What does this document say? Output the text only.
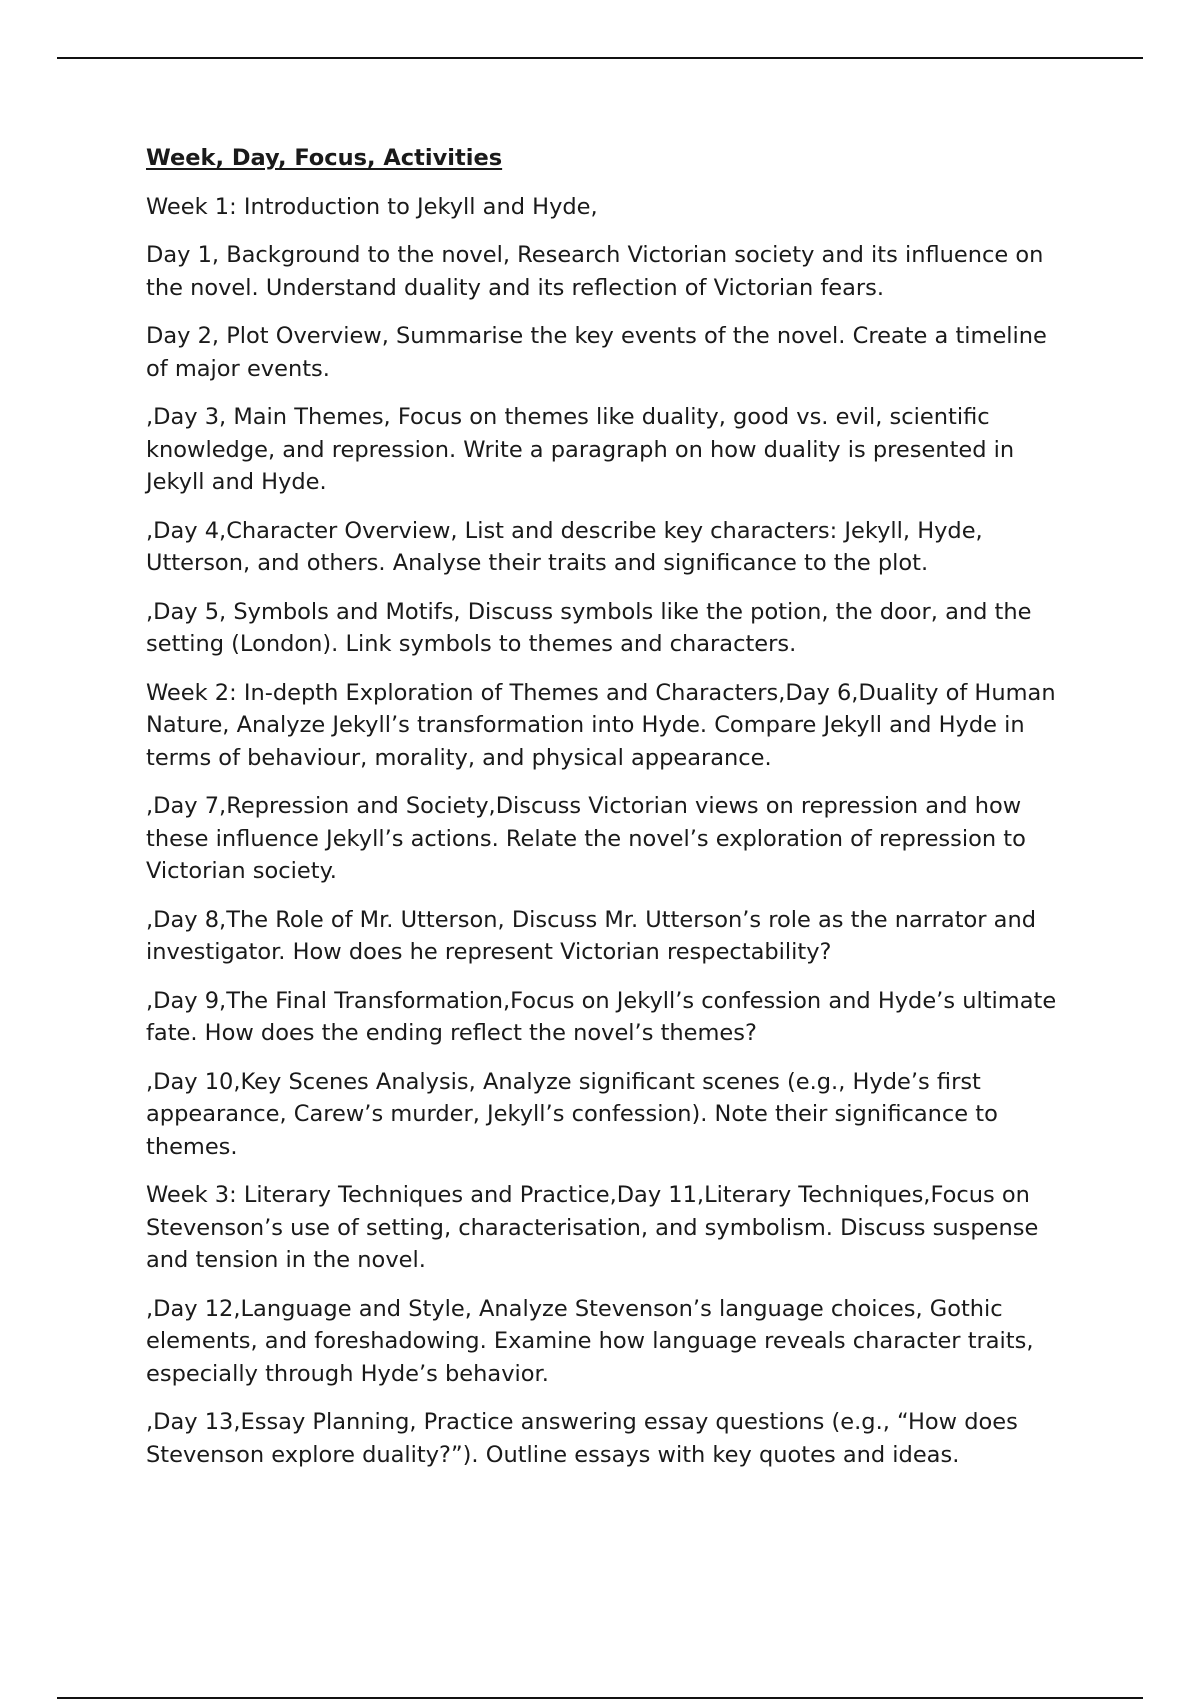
Week, Day, Focus, Activities

Week 1: Introduction to Jekyll and Hyde,

Day 1, Background to the novel, Research Victorian society and its influence on the novel. Understand duality and its reflection of Victorian fears.

Day 2, Plot Overview, Summarise the key events of the novel. Create a timeline of major events.

,Day 3, Main Themes, Focus on themes like duality, good vs. evil, scientific knowledge, and repression. Write a paragraph on how duality is presented in Jekyll and Hyde.

,Day 4,Character Overview, List and describe key characters: Jekyll, Hyde, Utterson, and others. Analyse their traits and significance to the plot.

,Day 5, Symbols and Motifs, Discuss symbols like the potion, the door, and the setting (London). Link symbols to themes and characters.

Week 2: In-depth Exploration of Themes and Characters,Day 6,Duality of Human Nature, Analyze Jekyll’s transformation into Hyde. Compare Jekyll and Hyde in terms of behaviour, morality, and physical appearance.

,Day 7,Repression and Society,Discuss Victorian views on repression and how these influence Jekyll’s actions. Relate the novel’s exploration of repression to Victorian society.

,Day 8,The Role of Mr. Utterson, Discuss Mr. Utterson’s role as the narrator and investigator. How does he represent Victorian respectability?

,Day 9,The Final Transformation,Focus on Jekyll’s confession and Hyde’s ultimate fate. How does the ending reflect the novel’s themes?

,Day 10,Key Scenes Analysis, Analyze significant scenes (e.g., Hyde’s first appearance, Carew’s murder, Jekyll’s confession). Note their significance to themes.

Week 3: Literary Techniques and Practice,Day 11,Literary Techniques,Focus on Stevenson’s use of setting, characterisation, and symbolism. Discuss suspense and tension in the novel.

,Day 12,Language and Style, Analyze Stevenson’s language choices, Gothic elements, and foreshadowing. Examine how language reveals character traits, especially through Hyde’s behavior.

,Day 13,Essay Planning, Practice answering essay questions (e.g., “How does Stevenson explore duality?”). Outline essays with key quotes and ideas.
